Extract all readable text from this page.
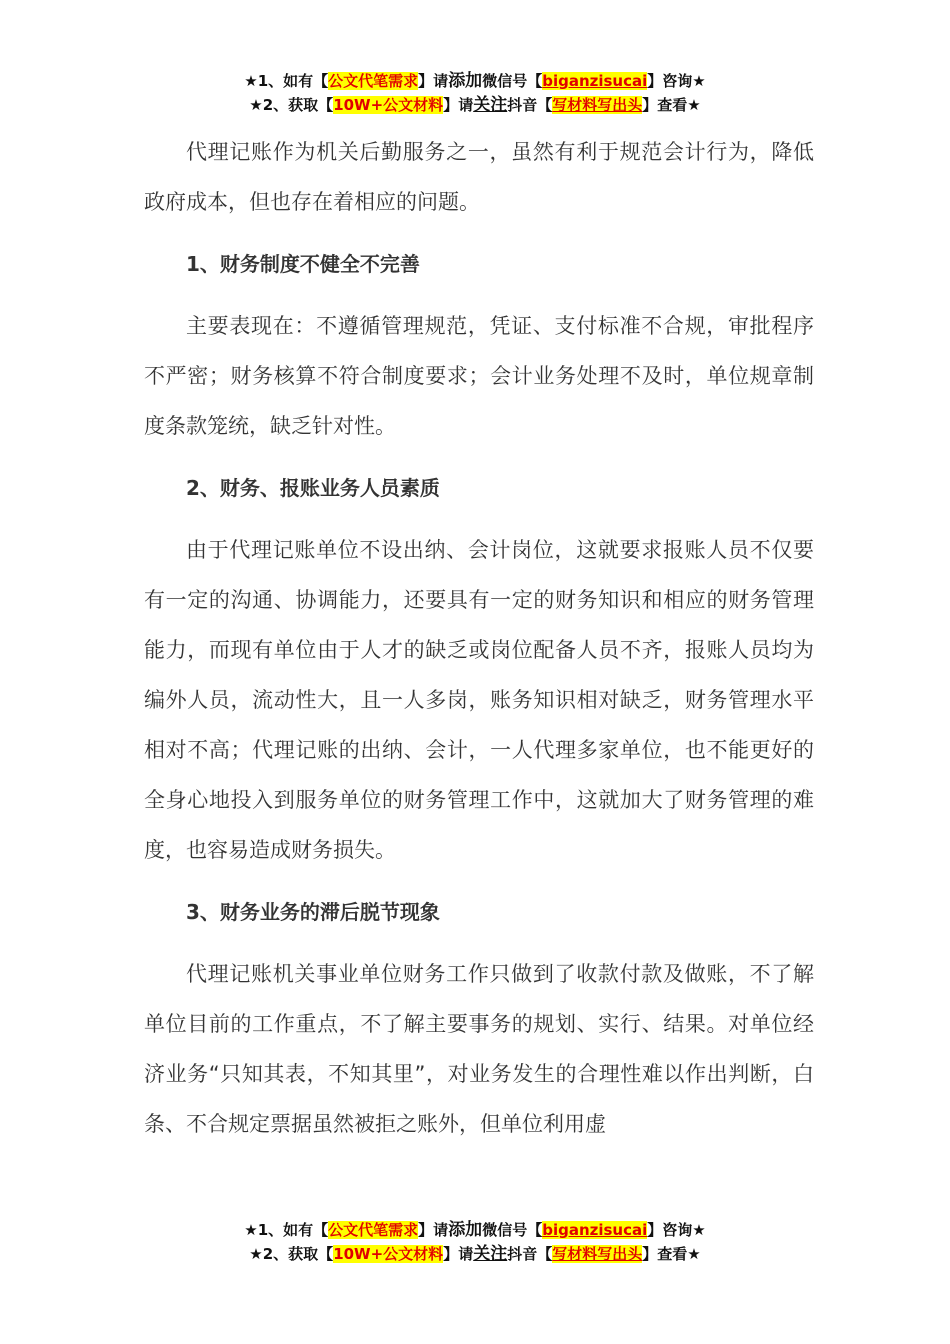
★1、如有【公文代笔需求】请添加微信号【biganzisucai】咨询★
★2、获取【10W+公文材料】请关注抖音【写材料写出头】查看★

代理记账作为机关后勤服务之一，虽然有利于规范会计行为，降低政府成本，但也存在着相应的问题。

1、财务制度不健全不完善

主要表现在：不遵循管理规范，凭证、支付标准不合规，审批程序不严密；财务核算不符合制度要求；会计业务处理不及时，单位规章制度条款笼统，缺乏针对性。

2、财务、报账业务人员素质

由于代理记账单位不设出纳、会计岗位，这就要求报账人员不仅要有一定的沟通、协调能力，还要具有一定的财务知识和相应的财务管理能力，而现有单位由于人才的缺乏或岗位配备人员不齐，报账人员均为编外人员，流动性大，且一人多岗，账务知识相对缺乏，财务管理水平相对不高；代理记账的出纳、会计，一人代理多家单位，也不能更好的全身心地投入到服务单位的财务管理工作中，这就加大了财务管理的难度，也容易造成财务损失。

3、财务业务的滞后脱节现象

代理记账机关事业单位财务工作只做到了收款付款及做账，不了解单位目前的工作重点，不了解主要事务的规划、实行、结果。对单位经济业务“只知其表，不知其里”，对业务发生的合理性难以作出判断，白条、不合规定票据虽然被拒之账外，但单位利用虚

★1、如有【公文代笔需求】请添加微信号【biganzisucai】咨询★
★2、获取【10W+公文材料】请关注抖音【写材料写出头】查看★
